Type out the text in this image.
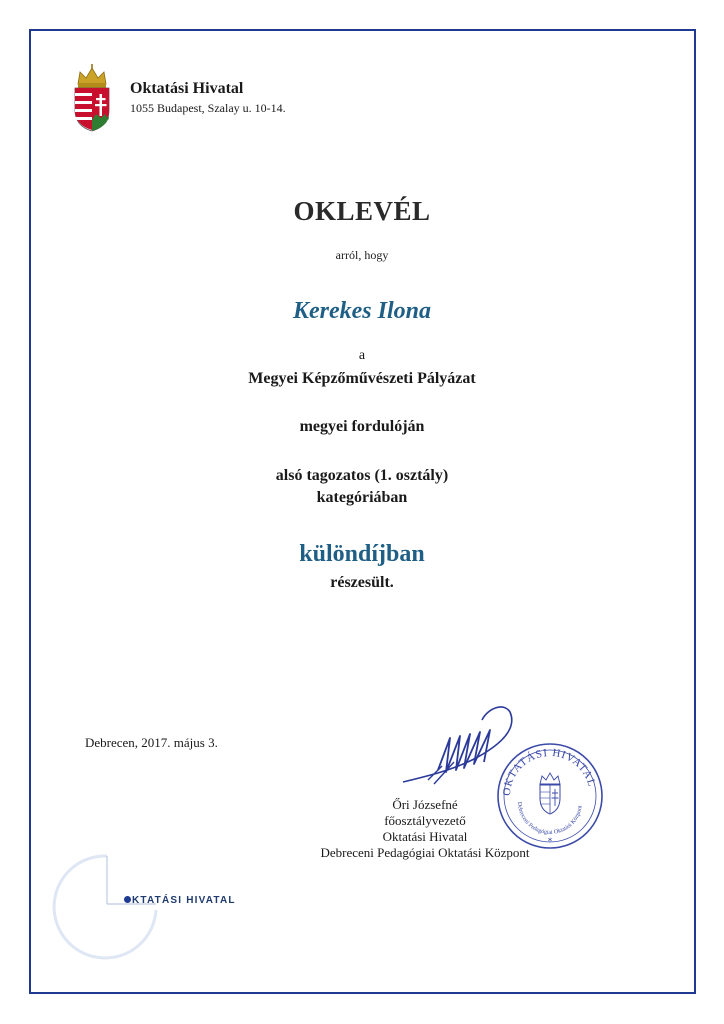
Oktatási Hivatal
1055 Budapest, Szalay u. 10-14.
OKLEVÉL
arról, hogy
Kerekes Ilona
a
Megyei Képzőművészeti Pályázat
megyei fordulóján
alsó tagozatos (1. osztály)
kategóriában
különdíjban
részesült.
Debrecen, 2017. május 3.
OKTATÁSI HIVATAL
Debreceni Pedagógiai Oktatási Központ
*
Őri Józsefné
főosztályvezető
Oktatási Hivatal
Debreceni Pedagógiai Oktatási Központ
KTATÁSI HIVATAL
